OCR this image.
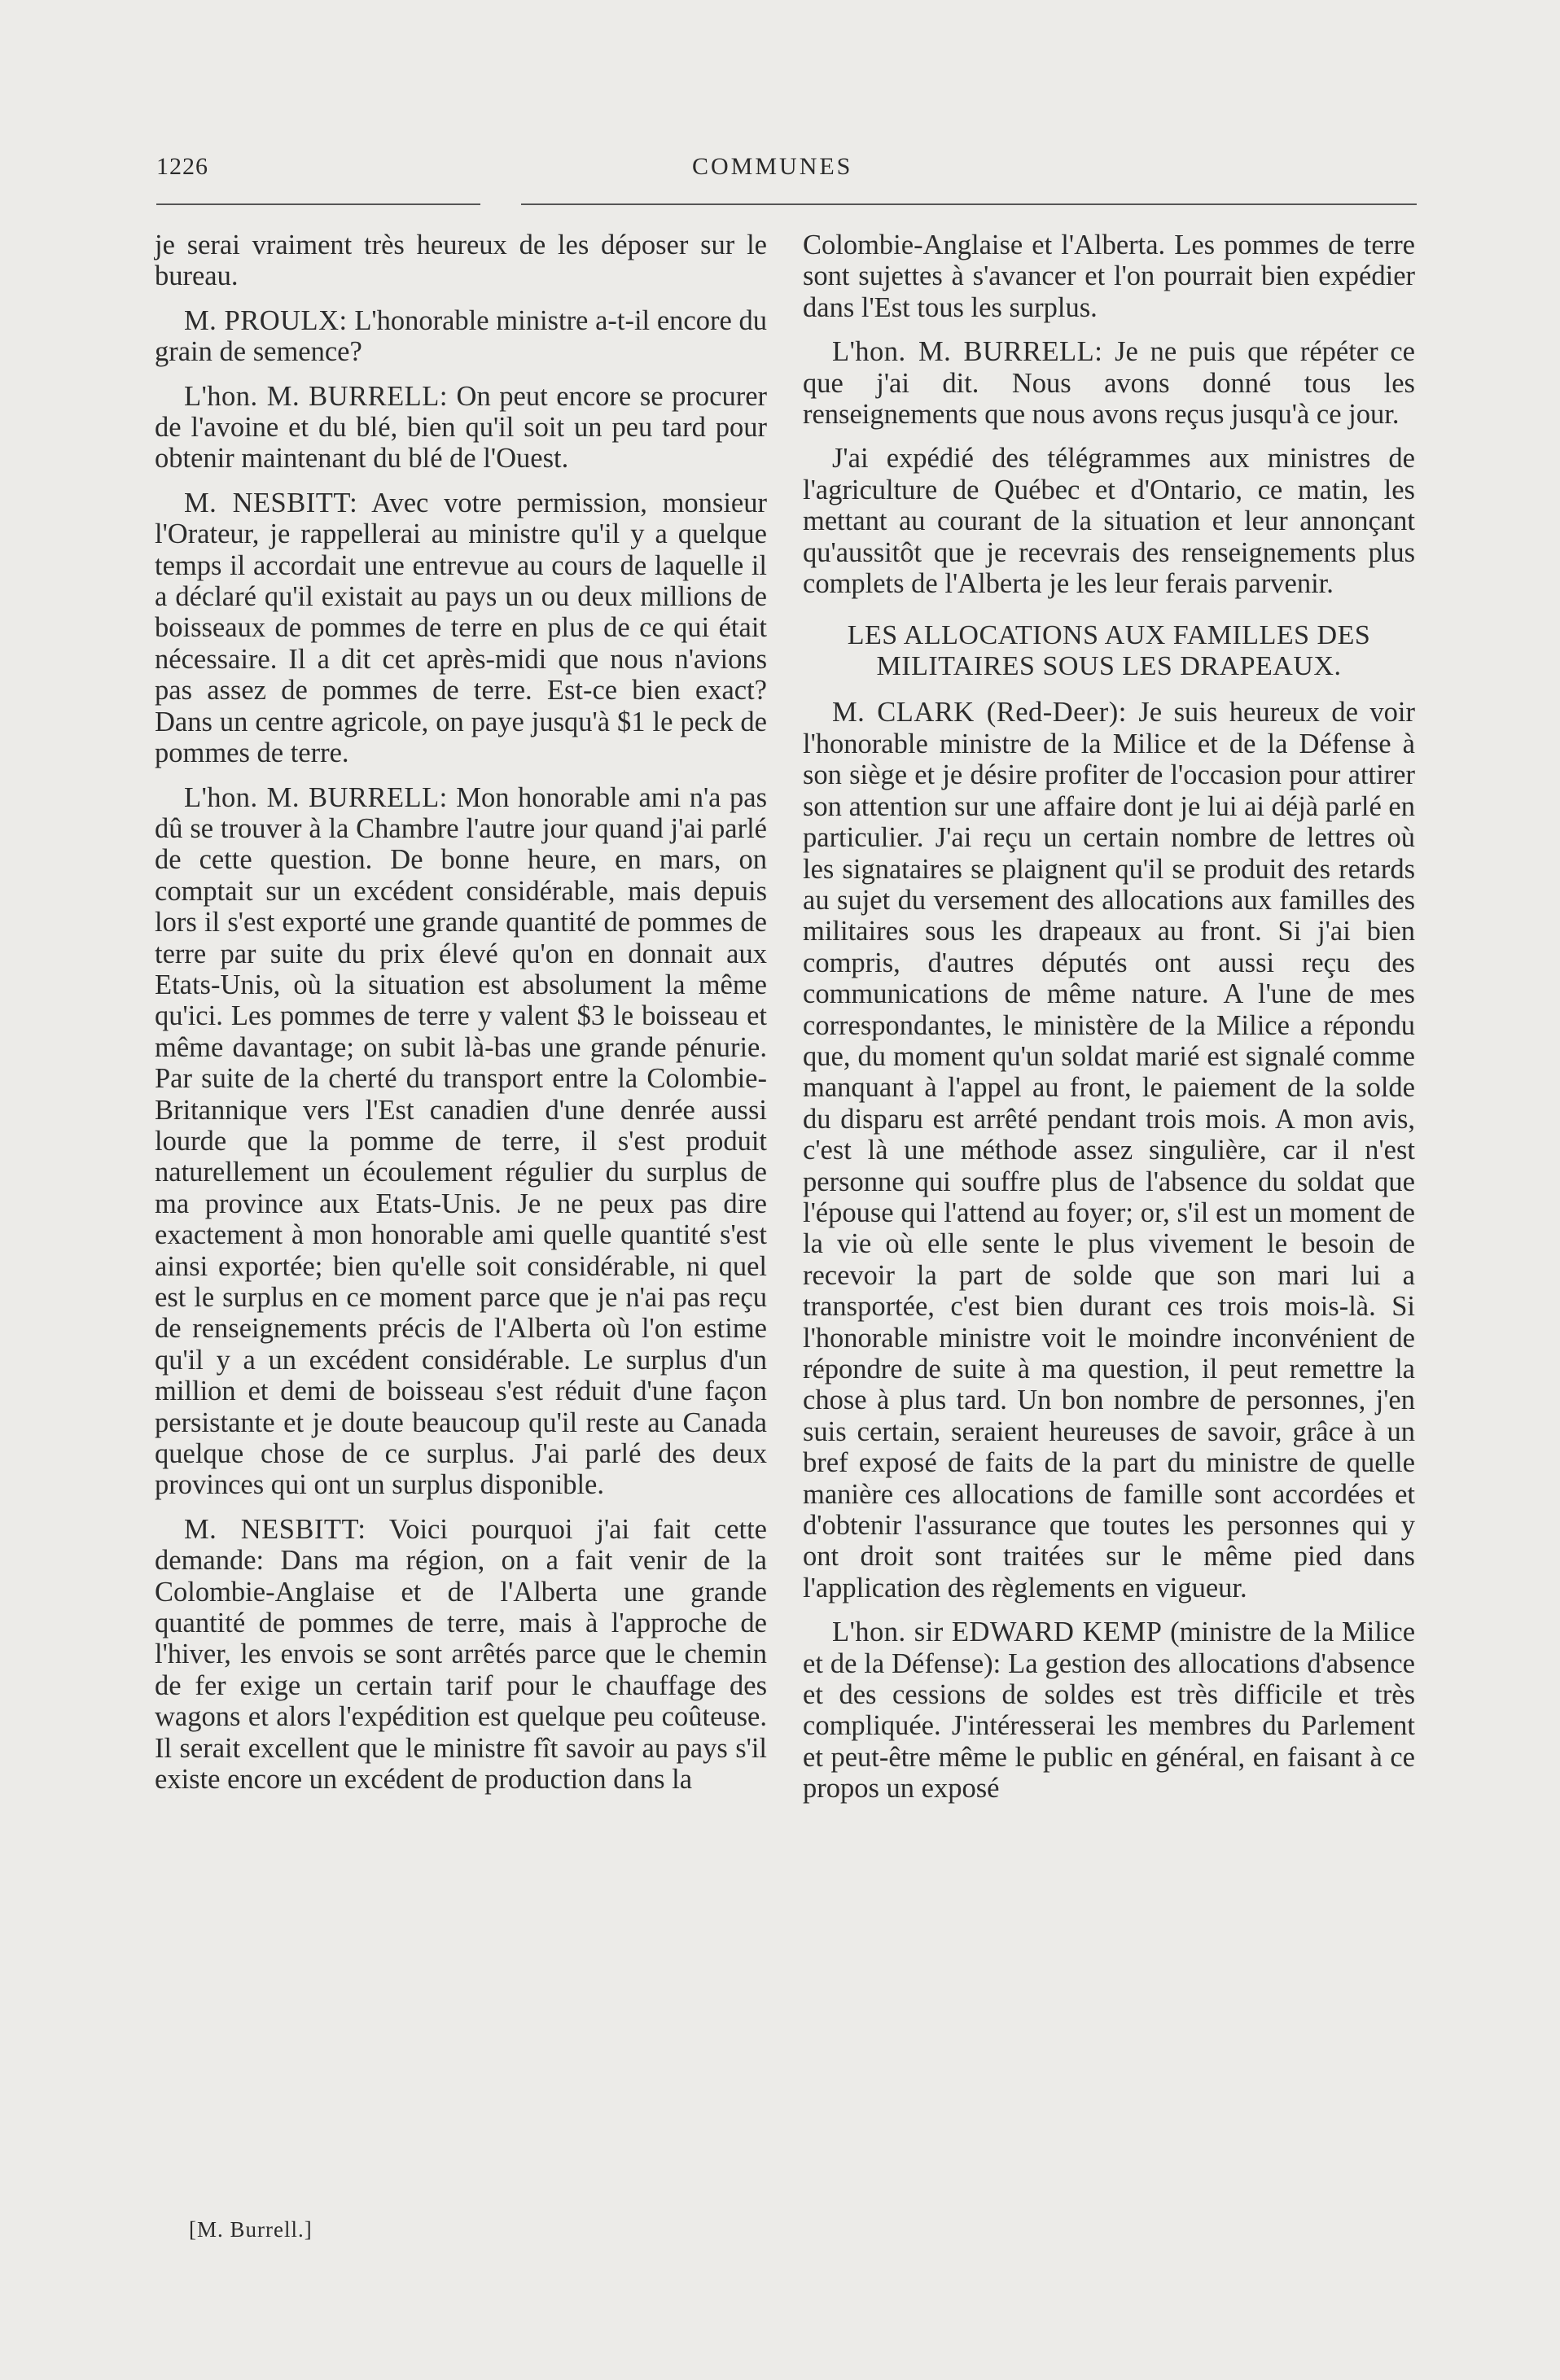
1226	COMMUNES

je serai vraiment très heureux de les déposer sur le bureau.

M. PROULX: L'honorable ministre a-t-il encore du grain de semence?

L'hon. M. BURRELL: On peut encore se procurer de l'avoine et du blé, bien qu'il soit un peu tard pour obtenir maintenant du blé de l'Ouest.

M. NESBITT: Avec votre permission, monsieur l'Orateur, je rappellerai au ministre qu'il y a quelque temps il accordait une entrevue au cours de laquelle il a déclaré qu'il existait au pays un ou deux millions de boisseaux de pommes de terre en plus de ce qui était nécessaire. Il a dit cet après-midi que nous n'avions pas assez de pommes de terre. Est-ce bien exact? Dans un centre agricole, on paye jusqu'à $1 le peck de pommes de terre.

L'hon. M. BURRELL: Mon honorable ami n'a pas dû se trouver à la Chambre l'autre jour quand j'ai parlé de cette question. De bonne heure, en mars, on comptait sur un excédent considérable, mais depuis lors il s'est exporté une grande quantité de pommes de terre par suite du prix élevé qu'on en donnait aux Etats-Unis, où la situation est absolument la même qu'ici. Les pommes de terre y valent $3 le boisseau et même davantage; on subit là-bas une grande pénurie. Par suite de la cherté du transport entre la Colombie-Britannique vers l'Est canadien d'une denrée aussi lourde que la pomme de terre, il s'est produit naturellement un écoulement régulier du surplus de ma province aux Etats-Unis. Je ne peux pas dire exactement à mon honorable ami quelle quantité s'est ainsi exportée; bien qu'elle soit considérable, ni quel est le surplus en ce moment parce que je n'ai pas reçu de renseignements précis de l'Alberta où l'on estime qu'il y a un excédent considérable. Le surplus d'un million et demi de boisseau s'est réduit d'une façon persistante et je doute beaucoup qu'il reste au Canada quelque chose de ce surplus. J'ai parlé des deux provinces qui ont un surplus disponible.

M. NESBITT: Voici pourquoi j'ai fait cette demande: Dans ma région, on a fait venir de la Colombie-Anglaise et de l'Alberta une grande quantité de pommes de terre, mais à l'approche de l'hiver, les envois se sont arrêtés parce que le chemin de fer exige un certain tarif pour le chauffage des wagons et alors l'expédition est quelque peu coûteuse. Il serait excellent que le ministre fît savoir au pays s'il existe encore un excédent de production dans la

Colombie-Anglaise et l'Alberta. Les pommes de terre sont sujettes à s'avancer et l'on pourrait bien expédier dans l'Est tous les surplus.

L'hon. M. BURRELL: Je ne puis que répéter ce que j'ai dit. Nous avons donné tous les renseignements que nous avons reçus jusqu'à ce jour.

J'ai expédié des télégrammes aux ministres de l'agriculture de Québec et d'Ontario, ce matin, les mettant au courant de la situation et leur annonçant qu'aussitôt que je recevrais des renseignements plus complets de l'Alberta je les leur ferais parvenir.

LES ALLOCATIONS AUX FAMILLES DES MILITAIRES SOUS LES DRAPEAUX.

M. CLARK (Red-Deer): Je suis heureux de voir l'honorable ministre de la Milice et de la Défense à son siège et je désire profiter de l'occasion pour attirer son attention sur une affaire dont je lui ai déjà parlé en particulier. J'ai reçu un certain nombre de lettres où les signataires se plaignent qu'il se produit des retards au sujet du versement des allocations aux familles des militaires sous les drapeaux au front. Si j'ai bien compris, d'autres députés ont aussi reçu des communications de même nature. A l'une de mes correspondantes, le ministère de la Milice a répondu que, du moment qu'un soldat marié est signalé comme manquant à l'appel au front, le paiement de la solde du disparu est arrêté pendant trois mois. A mon avis, c'est là une méthode assez singulière, car il n'est personne qui souffre plus de l'absence du soldat que l'épouse qui l'attend au foyer; or, s'il est un moment de la vie où elle sente le plus vivement le besoin de recevoir la part de solde que son mari lui a transportée, c'est bien durant ces trois mois-là. Si l'honorable ministre voit le moindre inconvénient de répondre de suite à ma question, il peut remettre la chose à plus tard. Un bon nombre de personnes, j'en suis certain, seraient heureuses de savoir, grâce à un bref exposé de faits de la part du ministre de quelle manière ces allocations de famille sont accordées et d'obtenir l'assurance que toutes les personnes qui y ont droit sont traitées sur le même pied dans l'application des règlements en vigueur.

L'hon. sir EDWARD KEMP (ministre de la Milice et de la Défense): La gestion des allocations d'absence et des cessions de soldes est très difficile et très compliquée. J'intéresserai les membres du Parlement et peut-être même le public en général, en faisant à ce propos un exposé

[M. Burrell.]
